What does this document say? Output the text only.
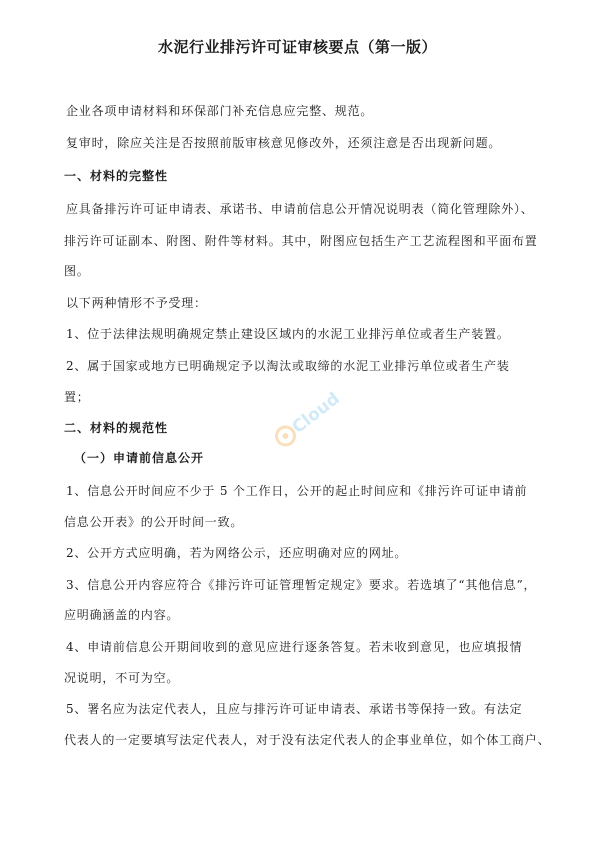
水泥行业排污许可证审核要点（第一版）
企业各项申请材料和环保部门补充信息应完整、规范。
复审时，除应关注是否按照前版审核意见修改外，还须注意是否出现新问题。
一、材料的完整性
应具备排污许可证申请表、承诺书、申请前信息公开情况说明表（简化管理除外）、
排污许可证副本、附图、附件等材料。其中，附图应包括生产工艺流程图和平面布置
图。
以下两种情形不予受理：
1、位于法律法规明确规定禁止建设区域内的水泥工业排污单位或者生产装置。
2、属于国家或地方已明确规定予以淘汰或取缔的水泥工业排污单位或者生产装
置；
二、材料的规范性
（一）申请前信息公开
1、信息公开时间应不少于 5 个工作日，公开的起止时间应和《排污许可证申请前
信息公开表》的公开时间一致。
2、公开方式应明确，若为网络公示，还应明确对应的网址。
3、信息公开内容应符合《排污许可证管理暂定规定》要求。若选填了“其他信息”，
应明确涵盖的内容。
4、申请前信息公开期间收到的意见应进行逐条答复。若未收到意见，也应填报情
况说明，不可为空。
5、署名应为法定代表人，且应与排污许可证申请表、承诺书等保持一致。有法定
代表人的一定要填写法定代表人，对于没有法定代表人的企事业单位，如个体工商户、
Cloud
